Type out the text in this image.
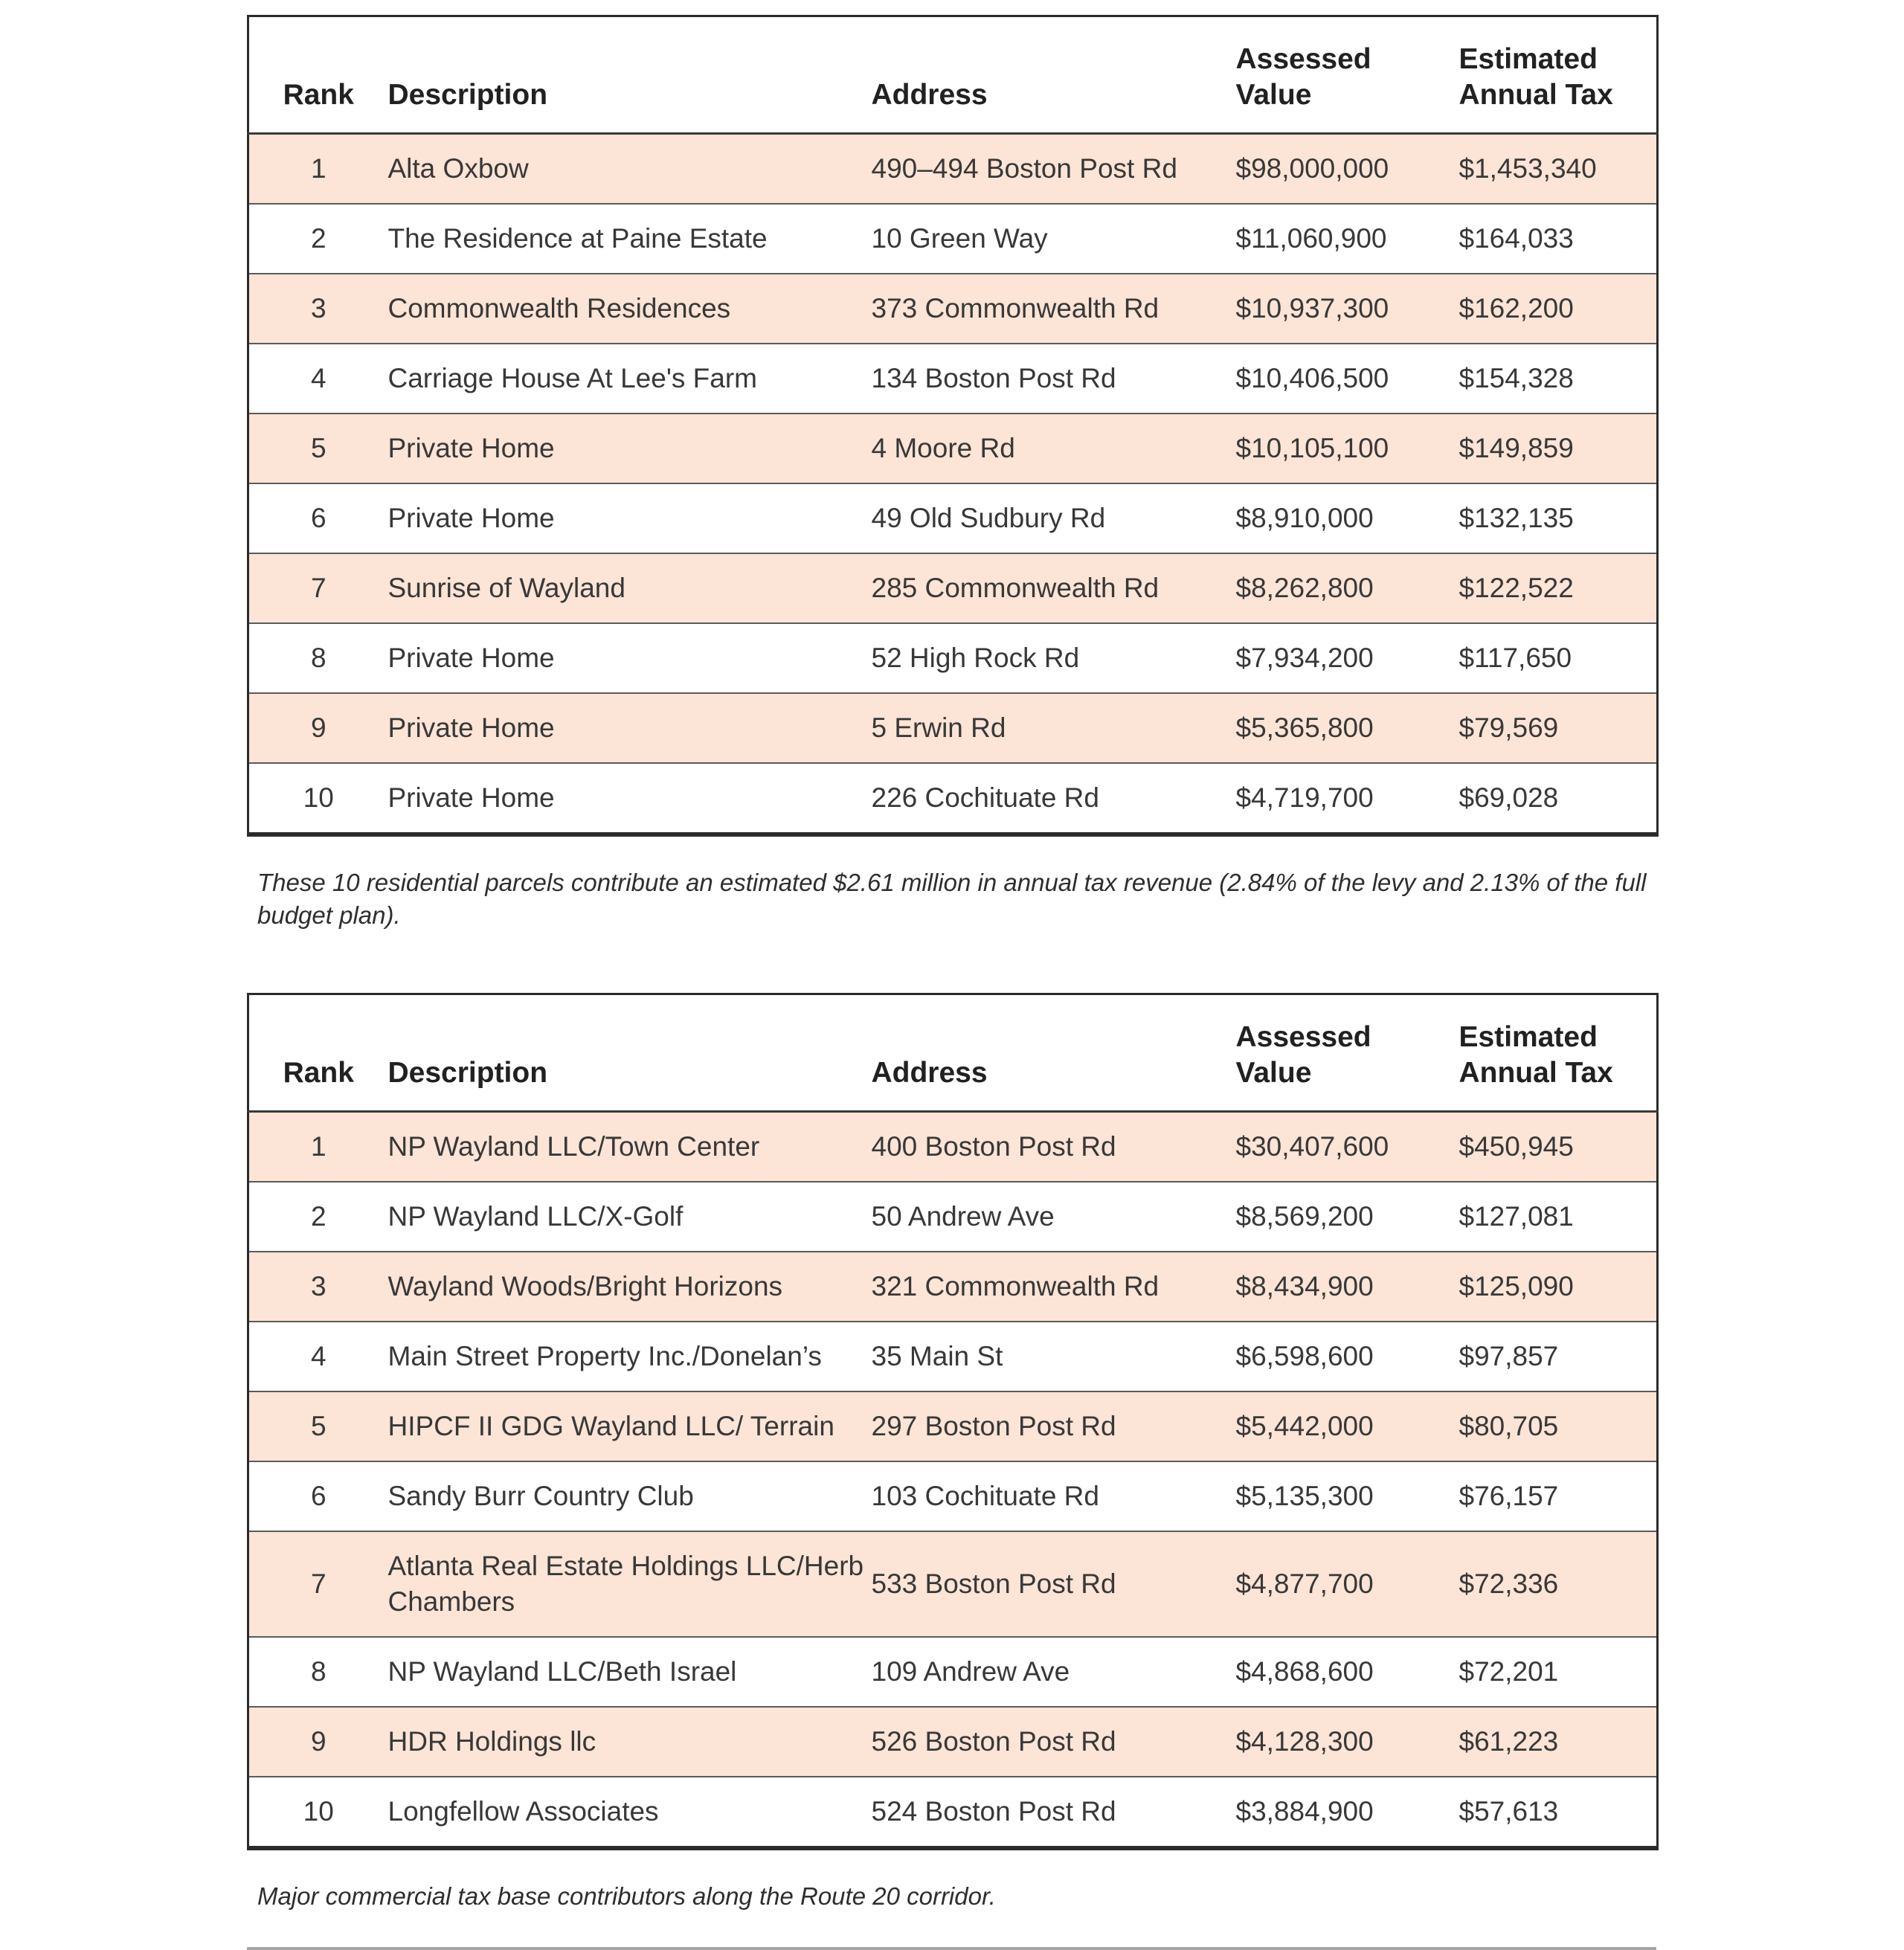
Rank	Description	Address	Assessed Value	Estimated Annual Tax
1	Alta Oxbow	490–494 Boston Post Rd	$98,000,000	$1,453,340
2	The Residence at Paine Estate	10 Green Way	$11,060,900	$164,033
3	Commonwealth Residences	373 Commonwealth Rd	$10,937,300	$162,200
4	Carriage House At Lee's Farm	134 Boston Post Rd	$10,406,500	$154,328
5	Private Home	4 Moore Rd	$10,105,100	$149,859
6	Private Home	49 Old Sudbury Rd	$8,910,000	$132,135
7	Sunrise of Wayland	285 Commonwealth Rd	$8,262,800	$122,522
8	Private Home	52 High Rock Rd	$7,934,200	$117,650
9	Private Home	5 Erwin Rd	$5,365,800	$79,569
10	Private Home	226 Cochituate Rd	$4,719,700	$69,028
These 10 residential parcels contribute an estimated $2.61 million in annual tax revenue (2.84% of the levy and 2.13% of the full budget plan).
Rank	Description	Address	Assessed Value	Estimated Annual Tax
1	NP Wayland LLC/Town Center	400 Boston Post Rd	$30,407,600	$450,945
2	NP Wayland LLC/X-Golf	50 Andrew Ave	$8,569,200	$127,081
3	Wayland Woods/Bright Horizons	321 Commonwealth Rd	$8,434,900	$125,090
4	Main Street Property Inc./Donelan’s	35 Main St	$6,598,600	$97,857
5	HIPCF II GDG Wayland LLC/ Terrain	297 Boston Post Rd	$5,442,000	$80,705
6	Sandy Burr Country Club	103 Cochituate Rd	$5,135,300	$76,157
7	Atlanta Real Estate Holdings LLC/Herb Chambers	533 Boston Post Rd	$4,877,700	$72,336
8	NP Wayland LLC/Beth Israel	109 Andrew Ave	$4,868,600	$72,201
9	HDR Holdings llc	526 Boston Post Rd	$4,128,300	$61,223
10	Longfellow Associates	524 Boston Post Rd	$3,884,900	$57,613
Major commercial tax base contributors along the Route 20 corridor.
